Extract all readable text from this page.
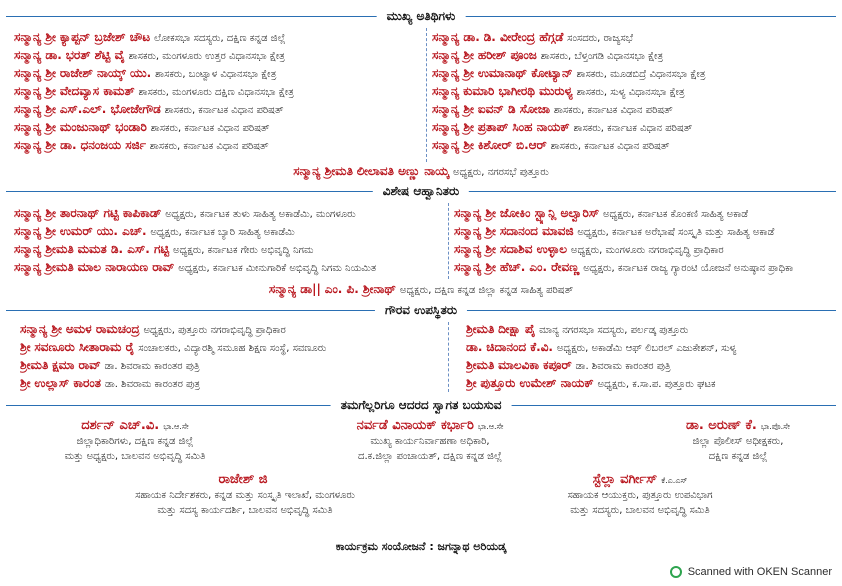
ಮುಖ್ಯ ಅತಿಥಿಗಳು
ಸನ್ಮಾನ್ಯ ಶ್ರೀ ಕ್ಯಾಪ್ಟನ್ ಬ್ರಜೇಶ್ ಚೌಟ ಲೋಕಸಭಾ ಸದಸ್ಯರು, ದಕ್ಷಿಣ ಕನ್ನಡ ಜಿಲ್ಲೆ
ಸನ್ಮಾನ್ಯ ಡಾ. ಭರತ್ ಶೆಟ್ಟಿ ವೈ ಶಾಸಕರು, ಮಂಗಳೂರು ಉತ್ತರ ವಿಧಾನಸಭಾ ಕ್ಷೇತ್ರ
ಸನ್ಮಾನ್ಯ ಶ್ರೀ ರಾಜೇಶ್ ನಾಯ್ಕ್ ಯು. ಶಾಸಕರು, ಬಂಟ್ವಾಳ ವಿಧಾನಸಭಾ ಕ್ಷೇತ್ರ
ಸನ್ಮಾನ್ಯ ಶ್ರೀ ವೇದವ್ಯಾಸ ಕಾಮತ್ ಶಾಸಕರು, ಮಂಗಳೂರು ದಕ್ಷಿಣ ವಿಧಾನಸಭಾ ಕ್ಷೇತ್ರ
ಸನ್ಮಾನ್ಯ ಶ್ರೀ ಎಸ್.ಎಲ್. ಭೋಜೇಗೌಡ ಶಾಸಕರು, ಕರ್ನಾಟಕ ವಿಧಾನ ಪರಿಷತ್
ಸನ್ಮಾನ್ಯ ಶ್ರೀ ಮಂಜುನಾಥ್ ಭಂಡಾರಿ ಶಾಸಕರು, ಕರ್ನಾಟಕ ವಿಧಾನ ಪರಿಷತ್
ಸನ್ಮಾನ್ಯ ಶ್ರೀ ಡಾ. ಧನಂಜಯ ಸರ್ಜಿ ಶಾಸಕರು, ಕರ್ನಾಟಕ ವಿಧಾನ ಪರಿಷತ್
ಸನ್ಮಾನ್ಯ ಡಾ. ಡಿ. ವೀರೇಂದ್ರ ಹೆಗ್ಗಡೆ ಸಂಸದರು, ರಾಜ್ಯಸಭೆ
ಸನ್ಮಾನ್ಯ ಶ್ರೀ ಹರೀಶ್ ಪೂಂಜ ಶಾಸಕರು, ಬೆಳ್ತಂಗಡಿ ವಿಧಾನಸಭಾ ಕ್ಷೇತ್ರ
ಸನ್ಮಾನ್ಯ ಶ್ರೀ ಉಮಾನಾಥ್ ಕೋಟ್ಯಾನ್ ಶಾಸಕರು, ಮೂಡಬಿದ್ರೆ ವಿಧಾನಸಭಾ ಕ್ಷೇತ್ರ
ಸನ್ಮಾನ್ಯ ಕುಮಾರಿ ಭಾಗೀರಥಿ ಮುರುಳ್ಯ ಶಾಸಕರು, ಸುಳ್ಯ ವಿಧಾನಸಭಾ ಕ್ಷೇತ್ರ
ಸನ್ಮಾನ್ಯ ಶ್ರೀ ಐವನ್ ಡಿ ಸೋಜಾ ಶಾಸಕರು, ಕರ್ನಾಟಕ ವಿಧಾನ ಪರಿಷತ್
ಸನ್ಮಾನ್ಯ ಶ್ರೀ ಪ್ರತಾಪ್ ಸಿಂಹ ನಾಯಕ್ ಶಾಸಕರು, ಕರ್ನಾಟಕ ವಿಧಾನ ಪರಿಷತ್
ಸನ್ಮಾನ್ಯ ಶ್ರೀ ಕಿಶೋರ್ ಬಿ.ಆರ್ ಶಾಸಕರು, ಕರ್ನಾಟಕ ವಿಧಾನ ಪರಿಷತ್
ಸನ್ಮಾನ್ಯ ಶ್ರೀಮತಿ ಲೀಲಾವತಿ ಅಣ್ಣು ನಾಯ್ಕ ಅಧ್ಯಕ್ಷರು, ನಗರಸಭೆ ಪುತ್ತೂರು
ವಿಶೇಷ ಆಹ್ವಾನಿತರು
ಸನ್ಮಾನ್ಯ ಶ್ರೀ ತಾರನಾಥ್ ಗಟ್ಟಿ ಕಾಪಿಕಾಡ್ ಅಧ್ಯಕ್ಷರು, ಕರ್ನಾಟಕ ತುಳು ಸಾಹಿತ್ಯ ಅಕಾಡೆಮಿ, ಮಂಗಳೂರು
ಸನ್ಮಾನ್ಯ ಶ್ರೀ ಉಮರ್ ಯು. ಎಚ್. ಅಧ್ಯಕ್ಷರು, ಕರ್ನಾಟಕ ಬ್ಯಾರಿ ಸಾಹಿತ್ಯ ಅಕಾಡೆಮಿ
ಸನ್ಮಾನ್ಯ ಶ್ರೀಮತಿ ಮಮತ ಡಿ. ಎಸ್. ಗಟ್ಟಿ ಅಧ್ಯಕ್ಷರು, ಕರ್ನಾಟಕ ಗೇರು ಅಭಿವೃದ್ಧಿ ನಿಗಮ
ಸನ್ಮಾನ್ಯ ಶ್ರೀಮತಿ ಮಾಲ ನಾರಾಯಣ ರಾವ್ ಅಧ್ಯಕ್ಷರು, ಕರ್ನಾಟಕ ಮೀನುಗಾರಿಕೆ ಅಭಿವೃದ್ಧಿ ನಿಗಮ ನಿಯಮಿತ
ಸನ್ಮಾನ್ಯ ಶ್ರೀ ಜೋಕಿಂ ಸ್ಟ್ಯಾನ್ಲಿ ಅಲ್ವಾರಿಸ್ ಅಧ್ಯಕ್ಷರು, ಕರ್ನಾಟಕ ಕೊಂಕಣಿ ಸಾಹಿತ್ಯ ಅಕಾಡೆ
ಸನ್ಮಾನ್ಯ ಶ್ರೀ ಸದಾನಂದ ಮಾವಜಿ ಅಧ್ಯಕ್ಷರು, ಕರ್ನಾಟಕ ಅರೆಭಾಷೆ ಸಂಸ್ಕೃತಿ ಮತ್ತು ಸಾಹಿತ್ಯ ಅಕಾಡೆ
ಸನ್ಮಾನ್ಯ ಶ್ರೀ ಸದಾಶಿವ ಉಳ್ಳಾಲ ಅಧ್ಯಕ್ಷರು, ಮಂಗಳೂರು ನಗರಾಭಿವೃದ್ಧಿ ಪ್ರಾಧಿಕಾರ
ಸನ್ಮಾನ್ಯ ಶ್ರೀ ಹೆಚ್. ಎಂ. ರೇವಣ್ಣ ಅಧ್ಯಕ್ಷರು, ಕರ್ನಾಟಕ ರಾಜ್ಯ ಗ್ಯಾರಂಟಿ ಯೋಜನೆ ಅನುಷ್ಠಾನ ಪ್ರಾಧಿಕಾ
ಸನ್ಮಾನ್ಯ ಡಾ|| ಎಂ. ಪಿ. ಶ್ರೀನಾಥ್ ಅಧ್ಯಕ್ಷರು, ದಕ್ಷಿಣ ಕನ್ನಡ ಜಿಲ್ಲಾ ಕನ್ನಡ ಸಾಹಿತ್ಯ ಪರಿಷತ್
ಗೌರವ ಉಪಸ್ಥಿತರು
ಸನ್ಮಾನ್ಯ ಶ್ರೀ ಅಮಳ ರಾಮಚಂದ್ರ ಅಧ್ಯಕ್ಷರು, ಪುತ್ತೂರು ನಗರಾಭಿವೃದ್ಧಿ ಪ್ರಾಧಿಕಾರ
ಶ್ರೀ ಸವಣೂರು ಸೀತಾರಾಮ ರೈ ಸಂಚಾಲಕರು, ವಿದ್ಯಾರಶ್ಮಿ ಸಮೂಹ ಶಿಕ್ಷಣ ಸಂಸ್ಥೆ, ಸವಣೂರು
ಶ್ರೀಮತಿ ಕ್ಷಮಾ ರಾವ್ ಡಾ. ಶಿವರಾಮ ಕಾರಂತರ ಪುತ್ರಿ
ಶ್ರೀ ಉಲ್ಲಾಸ್ ಕಾರಂತ ಡಾ. ಶಿವರಾಮ ಕಾರಂತರ ಪುತ್ರ
ಶ್ರೀಮತಿ ದೀಕ್ಷಾ ಪೈ ಮಾನ್ಯ ನಗರಸಭಾ ಸದಸ್ಯರು, ಪರ್ಲಡ್ಕ ಪುತ್ತೂರು
ಡಾ. ಚಿದಾನಂದ ಕೆ.ವಿ. ಅಧ್ಯಕ್ಷರು, ಅಕಾಡೆಮಿ ಆಫ್ ಲಿಬರಲ್ ಎಜುಕೇಶನ್, ಸುಳ್ಯ
ಶ್ರೀಮತಿ ಮಾಲವಿಕಾ ಕಪೂರ್ ಡಾ. ಶಿವರಾಮ ಕಾರಂತರ ಪುತ್ರಿ
ಶ್ರೀ ಪುತ್ತೂರು ಉಮೇಶ್ ನಾಯಕ್ ಅಧ್ಯಕ್ಷರು, ಕ.ಸಾ.ಪ. ಪುತ್ತೂರು ಘಟಕ
ತಮಗೆಲ್ಲರಿಗೂ ಆದರದ ಸ್ವಾಗತ ಬಯಸುವ
ದರ್ಶನ್ ಎಚ್.ವಿ. ಭಾ.ಆ.ಸೇ
ಜಿಲ್ಲಾಧಿಕಾರಿಗಳು, ದಕ್ಷಿಣ ಕನ್ನಡ ಜಿಲ್ಲೆ
ಮತ್ತು ಅಧ್ಯಕ್ಷರು, ಬಾಲವನ ಅಭಿವೃದ್ಧಿ ಸಮಿತಿ
ನರ್ವಡೆ ವಿನಾಯಕ್ ಕರ್ಭಾರಿ ಭಾ.ಆ.ಸೇ
ಮುಖ್ಯ ಕಾರ್ಯನಿರ್ವಾಹಣಾ ಅಧಿಕಾರಿ,
ದ.ಕ.ಜಿಲ್ಲಾ ಪಂಚಾಯತ್, ದಕ್ಷಿಣ ಕನ್ನಡ ಜಿಲ್ಲೆ
ಡಾ. ಅರುಣ್ ಕೆ. ಭಾ.ಪೊ.ಸೇ
ಜಿಲ್ಲಾ ಪೊಲೀಸ್ ಅಧೀಕ್ಷಕರು,
ದಕ್ಷಿಣ ಕನ್ನಡ ಜಿಲ್ಲೆ
ರಾಜೇಶ್ ಜಿ
ಸಹಾಯಕ ನಿರ್ದೇಶಕರು, ಕನ್ನಡ ಮತ್ತು ಸಂಸ್ಕೃತಿ ಇಲಾಖೆ, ಮಂಗಳೂರು
ಮತ್ತು ಸದಸ್ಯ ಕಾರ್ಯದರ್ಶಿ, ಬಾಲವನ ಅಭಿವೃದ್ಧಿ ಸಮಿತಿ
ಸ್ಟೆಲ್ಲಾ ವರ್ಗೀಸ್ ಕೆ.ಎ.ಎಸ್
ಸಹಾಯಕ ಆಯುಕ್ತರು, ಪುತ್ತೂರು ಉಪವಿಭಾಗ
ಮತ್ತು ಸದಸ್ಯರು, ಬಾಲವನ ಅಭಿವೃದ್ಧಿ ಸಮಿತಿ
ಕಾರ್ಯಕ್ರಮ ಸಂಯೋಜನೆ : ಜಗನ್ನಾಥ ಅರಿಯಡ್ಕ
Scanned with OKEN Scanner
